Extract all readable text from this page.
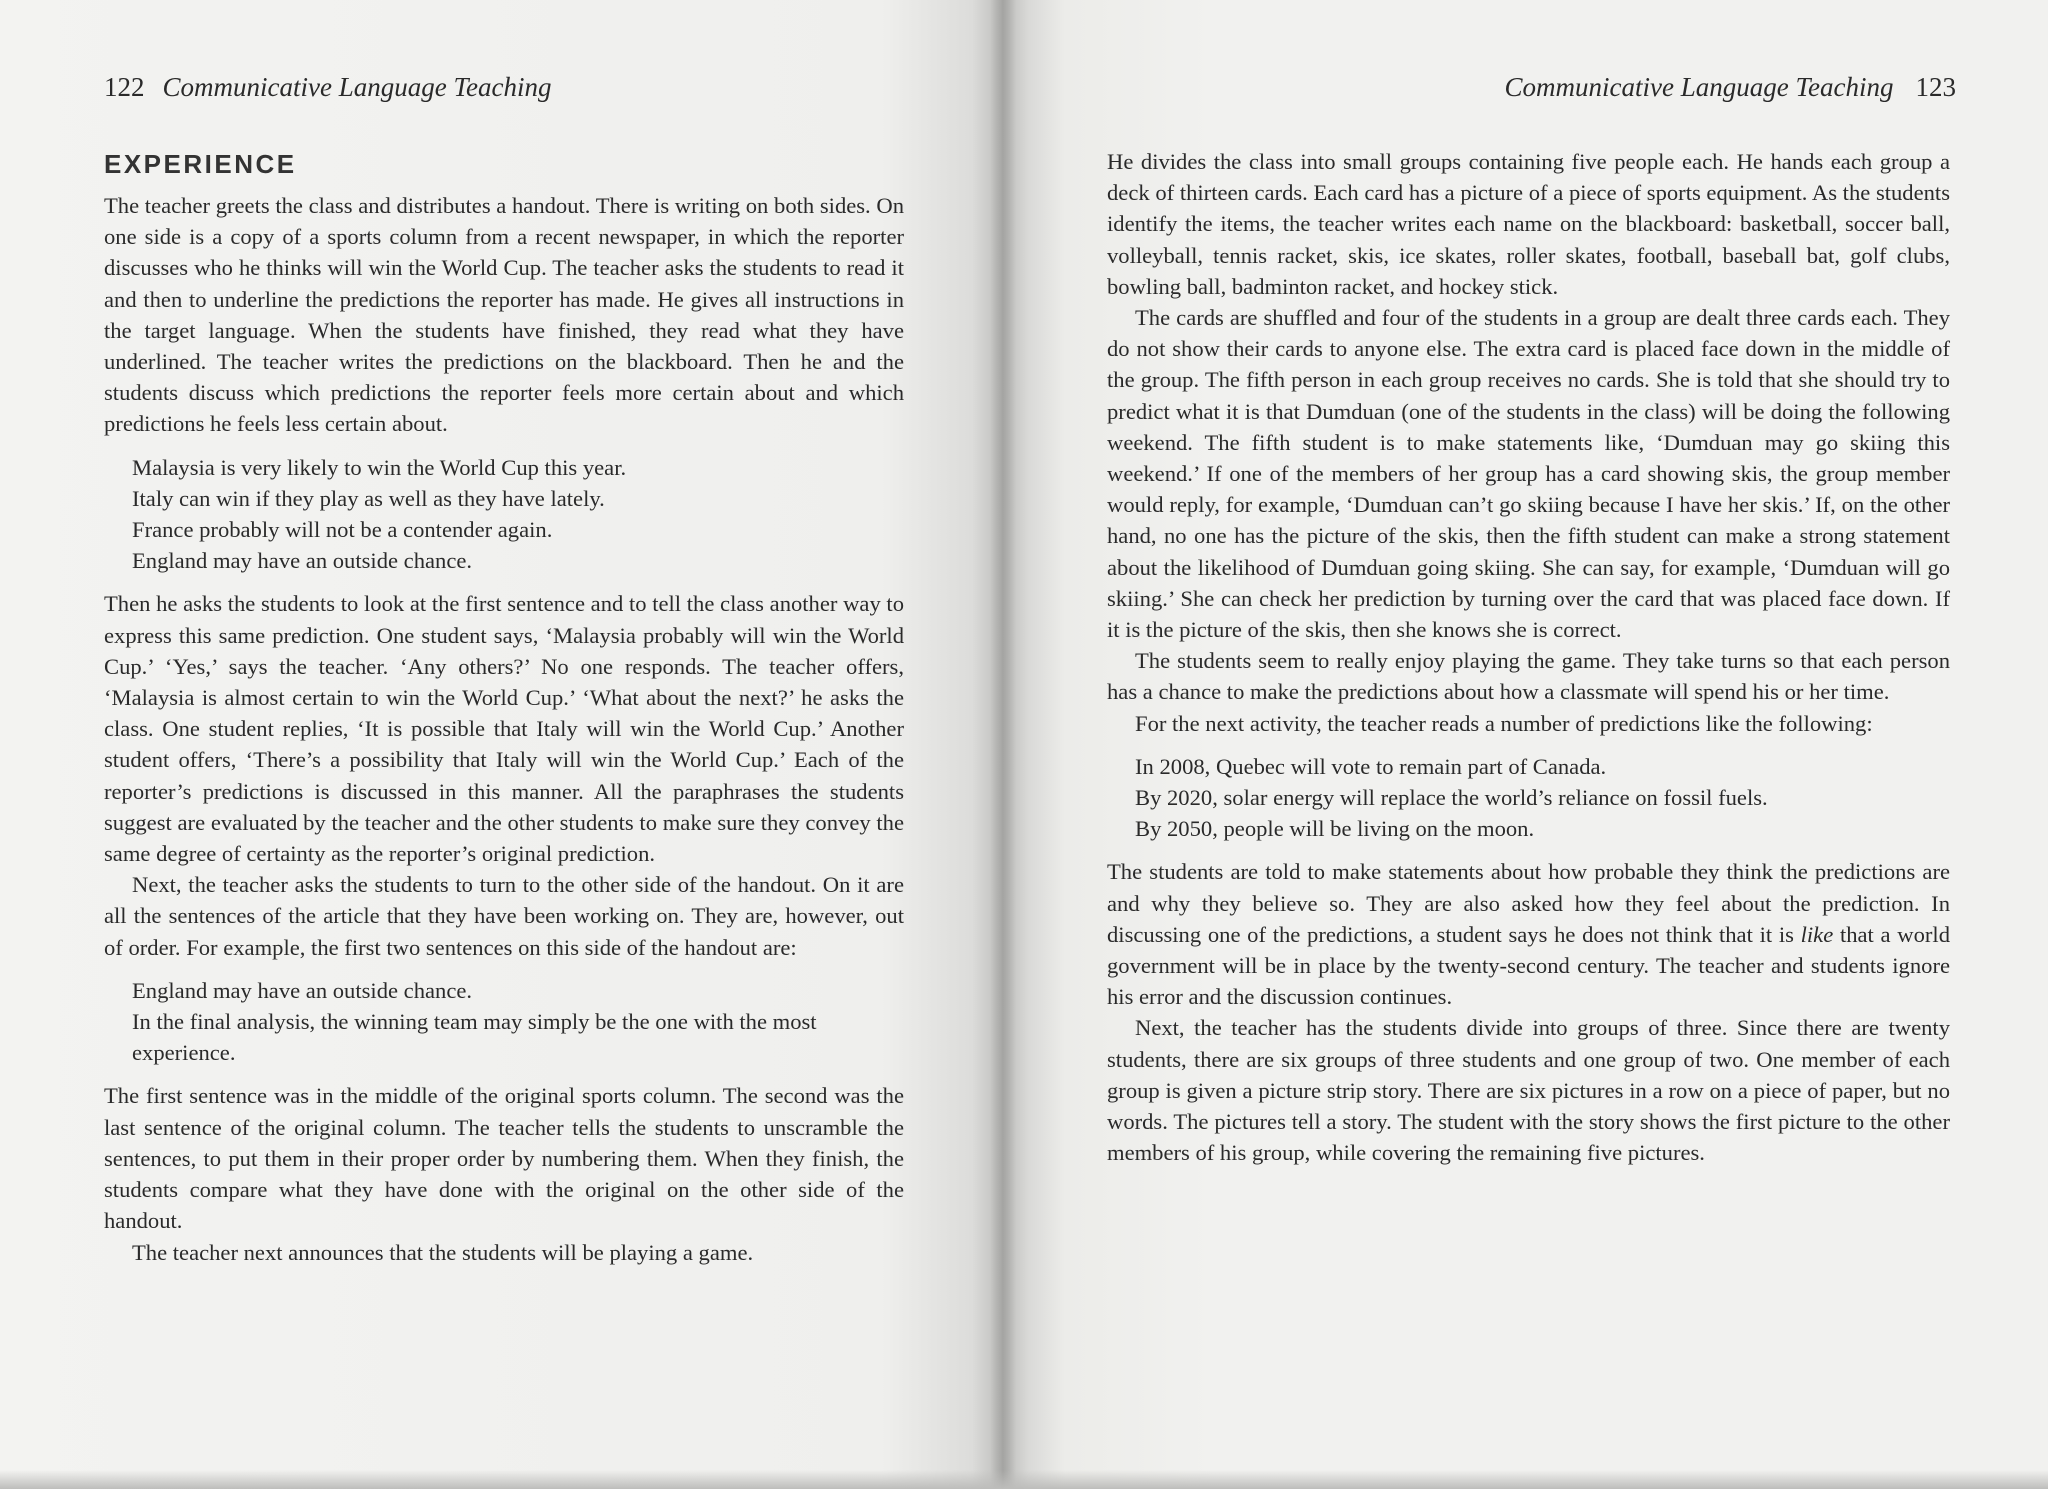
122 Communicative Language Teaching
EXPERIENCE

The teacher greets the class and distributes a handout. There is writing on both sides. On one side is a copy of a sports column from a recent newspaper, in which the reporter discusses who he thinks will win the World Cup. The teacher asks the students to read it and then to underline the predictions the reporter has made. He gives all instructions in the target language. When the students have finished, they read what they have underlined. The teacher writes the predictions on the blackboard. Then he and the students discuss which predictions the reporter feels more certain about and which predictions he feels less certain about.

Malaysia is very likely to win the World Cup this year.
Italy can win if they play as well as they have lately.
France probably will not be a contender again.
England may have an outside chance.

Then he asks the students to look at the first sentence and to tell the class another way to express this same prediction. One student says, ‘Malaysia probably will win the World Cup.’ ‘Yes,’ says the teacher. ‘Any others?’ No one responds. The teacher offers, ‘Malaysia is almost certain to win the World Cup.’ ‘What about the next?’ he asks the class. One student replies, ‘It is possible that Italy will win the World Cup.’ Another student offers, ‘There’s a possibility that Italy will win the World Cup.’ Each of the reporter’s predictions is discussed in this manner. All the paraphrases the students suggest are evaluated by the teacher and the other students to make sure they convey the same degree of certainty as the reporter’s original prediction.

Next, the teacher asks the students to turn to the other side of the handout. On it are all the sentences of the article that they have been working on. They are, however, out of order. For example, the first two sentences on this side of the handout are:

England may have an outside chance.
In the final analysis, the winning team may simply be the one with the most experience.

The first sentence was in the middle of the original sports column. The second was the last sentence of the original column. The teacher tells the students to unscramble the sentences, to put them in their proper order by numbering them. When they finish, the students compare what they have done with the original on the other side of the handout.

The teacher next announces that the students will be playing a game.

Communicative Language Teaching 123

He divides the class into small groups containing five people each. He hands each group a deck of thirteen cards. Each card has a picture of a piece of sports equipment. As the students identify the items, the teacher writes each name on the blackboard: basketball, soccer ball, volleyball, tennis racket, skis, ice skates, roller skates, football, baseball bat, golf clubs, bowling ball, badminton racket, and hockey stick.

The cards are shuffled and four of the students in a group are dealt three cards each. They do not show their cards to anyone else. The extra card is placed face down in the middle of the group. The fifth person in each group receives no cards. She is told that she should try to predict what it is that Dumduan (one of the students in the class) will be doing the following weekend. The fifth student is to make statements like, ‘Dumduan may go skiing this weekend.’ If one of the members of her group has a card showing skis, the group member would reply, for example, ‘Dumduan can’t go skiing because I have her skis.’ If, on the other hand, no one has the picture of the skis, then the fifth student can make a strong statement about the likelihood of Dumduan going skiing. She can say, for example, ‘Dumduan will go skiing.’ She can check her prediction by turning over the card that was placed face down. If it is the picture of the skis, then she knows she is correct.

The students seem to really enjoy playing the game. They take turns so that each person has a chance to make the predictions about how a classmate will spend his or her time.

For the next activity, the teacher reads a number of predictions like the following:

In 2008, Quebec will vote to remain part of Canada.
By 2020, solar energy will replace the world’s reliance on fossil fuels.
By 2050, people will be living on the moon.

The students are told to make statements about how probable they think the predictions are and why they believe so. They are also asked how they feel about the prediction. In discussing one of the predictions, a student says he does not think that it is like that a world government will be in place by the twenty-second century. The teacher and students ignore his error and the discussion continues.

Next, the teacher has the students divide into groups of three. Since there are twenty students, there are six groups of three students and one group of two. One member of each group is given a picture strip story. There are six pictures in a row on a piece of paper, but no words. The pictures tell a story. The student with the story shows the first picture to the other members of his group, while covering the remaining five pictures.
